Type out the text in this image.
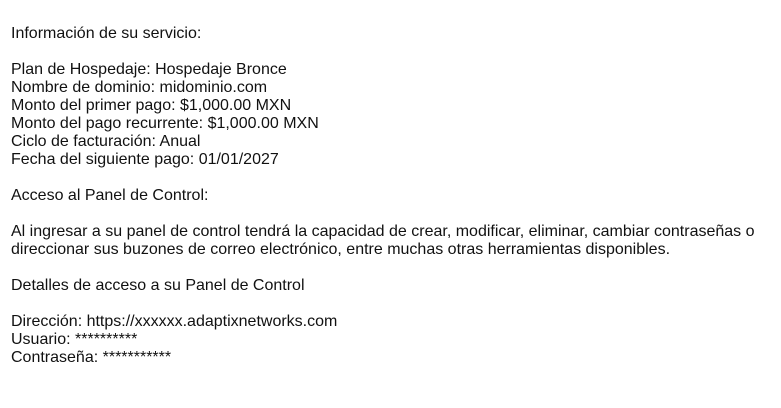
Información de su servicio:
Plan de Hospedaje: Hospedaje Bronce
Nombre de dominio: midominio.com
Monto del primer pago: $1,000.00 MXN
Monto del pago recurrente: $1,000.00 MXN
Ciclo de facturación: Anual
Fecha del siguiente pago: 01/01/2027
Acceso al Panel de Control:
Al ingresar a su panel de control tendrá la capacidad de crear, modificar, eliminar, cambiar contraseñas o direccionar sus buzones de correo electrónico, entre muchas otras herramientas disponibles.
Detalles de acceso a su Panel de Control
Dirección: https://xxxxxx.adaptixnetworks.com
Usuario: **********
Contraseña: ***********
